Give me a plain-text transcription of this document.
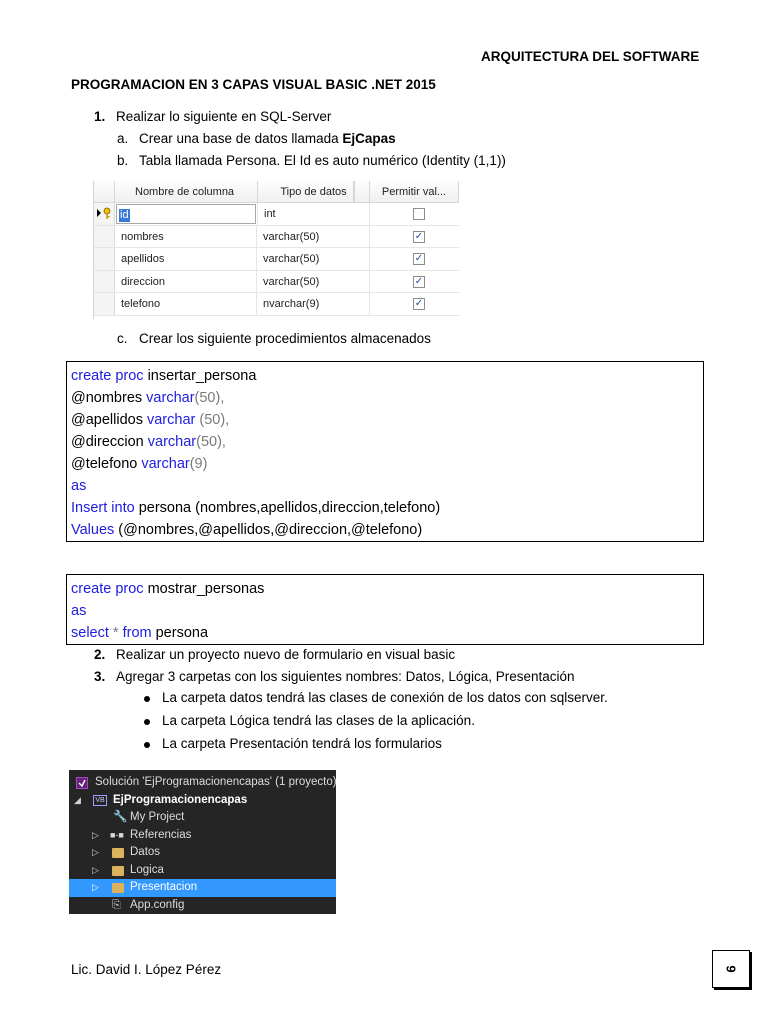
ARQUITECTURA DEL SOFTWARE
PROGRAMACION EN 3 CAPAS VISUAL BASIC .NET 2015
1. Realizar lo siguiente en SQL-Server
a. Crear una base de datos llamada EjCapas
b. Tabla llamada Persona. El Id es auto numérico (Identity (1,1))
Nombre de columna	Tipo de datos	Permitir val...
id	int
nombres	varchar(50)	✓
apellidos	varchar(50)	✓
direccion	varchar(50)	✓
telefono	nvarchar(9)	✓
c. Crear los siguiente procedimientos almacenados
create proc insertar_persona
@nombres varchar(50),
@apellidos varchar (50),
@direccion varchar(50),
@telefono varchar(9)
as
Insert into persona (nombres,apellidos,direccion,telefono)
Values (@nombres,@apellidos,@direccion,@telefono)
create proc mostrar_personas
as
select * from persona
2. Realizar un proyecto nuevo de formulario en visual basic
3. Agregar 3 carpetas con los siguientes nombres: Datos, Lógica, Presentación
La carpeta datos tendrá las clases de conexión de los datos con sqlserver.
La carpeta Lógica tendrá las clases de la aplicación.
La carpeta Presentación tendrá los formularios
Solución 'EjProgramacionencapas' (1 proyecto)
◢	VB EjProgramacionencapas
🔧 My Project
▷ ■-■ Referencias
▷	Datos
▷	Logica
▷	Presentacion
⎘ App.config
Lic. David I. López Pérez	9
